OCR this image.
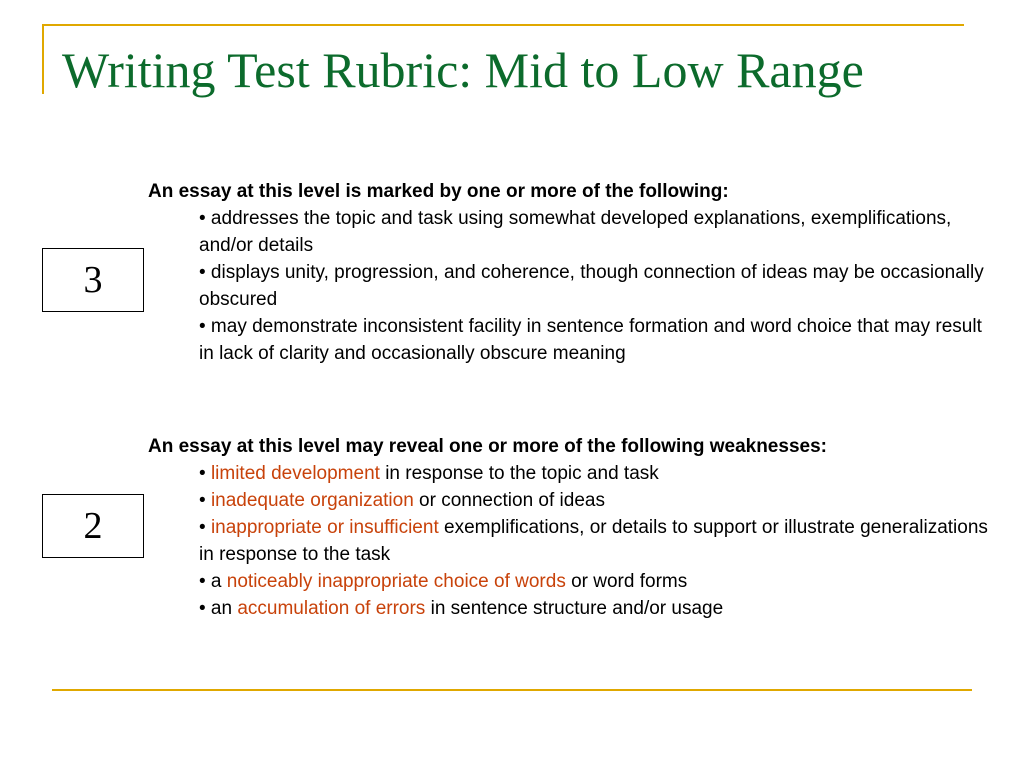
Writing Test Rubric: Mid to Low Range
3
An essay at this level is marked by one or more of the following:
• addresses the topic and task using somewhat developed explanations, exemplifications, and/or details
• displays unity, progression, and coherence, though connection of ideas may be occasionally obscured
• may demonstrate inconsistent facility in sentence formation and word choice that may result in lack of clarity and occasionally obscure meaning
2
An essay at this level may reveal one or more of the following weaknesses:
• limited development in response to the topic and task
• inadequate organization or connection of ideas
• inappropriate or insufficient exemplifications, or details to support or illustrate generalizations in response to the task
• a noticeably inappropriate choice of words or word forms
• an accumulation of errors in sentence structure and/or usage
